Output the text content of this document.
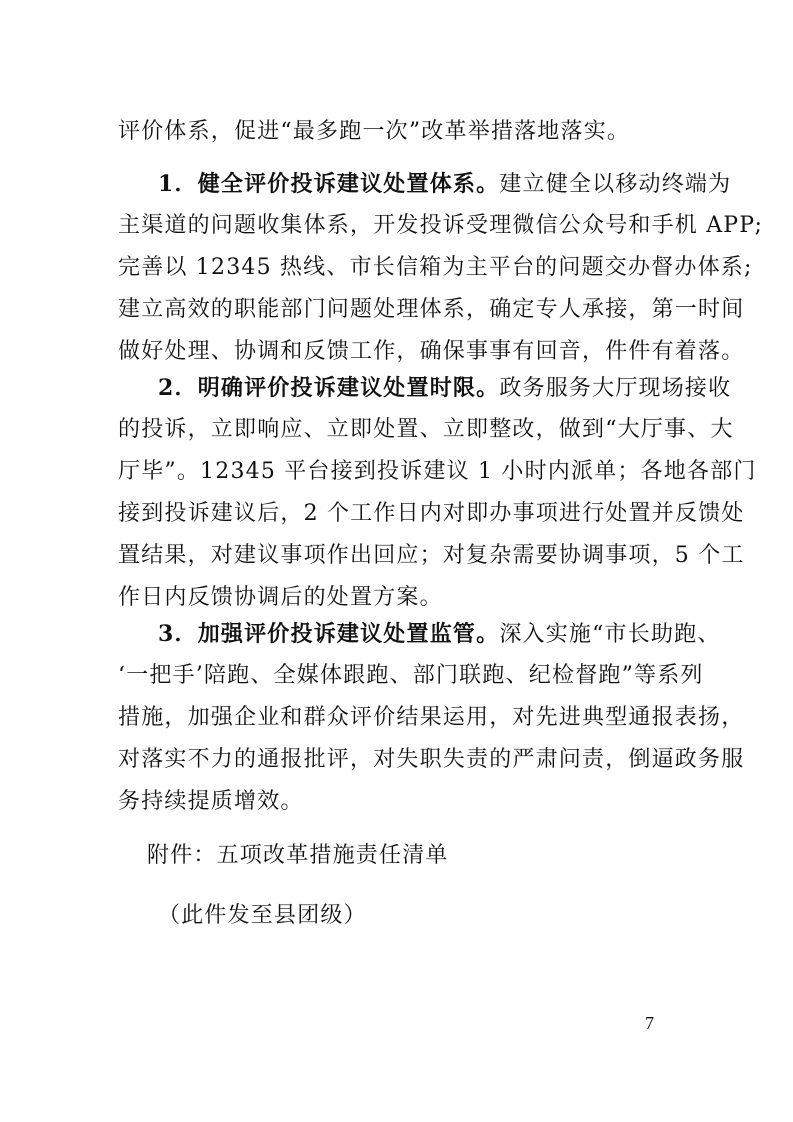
评价体系，促进“最多跑一次”改革举措落地落实。
1．健全评价投诉建议处置体系。建立健全以移动终端为
主渠道的问题收集体系，开发投诉受理微信公众号和手机 APP;
完善以 12345 热线、市长信箱为主平台的问题交办督办体系;
建立高效的职能部门问题处理体系，确定专人承接，第一时间
做好处理、协调和反馈工作，确保事事有回音，件件有着落。
2．明确评价投诉建议处置时限。政务服务大厅现场接收
的投诉，立即响应、立即处置、立即整改，做到“大厅事、大
厅毕”。12345 平台接到投诉建议 1 小时内派单；各地各部门
接到投诉建议后，2 个工作日内对即办事项进行处置并反馈处
置结果，对建议事项作出回应；对复杂需要协调事项，5 个工
作日内反馈协调后的处置方案。
3．加强评价投诉建议处置监管。深入实施“市长助跑、
‘一把手’陪跑、全媒体跟跑、部门联跑、纪检督跑”等系列
措施，加强企业和群众评价结果运用，对先进典型通报表扬，
对落实不力的通报批评，对失职失责的严肃问责，倒逼政务服
务持续提质增效。
附件：五项改革措施责任清单
（此件发至县团级）
7
